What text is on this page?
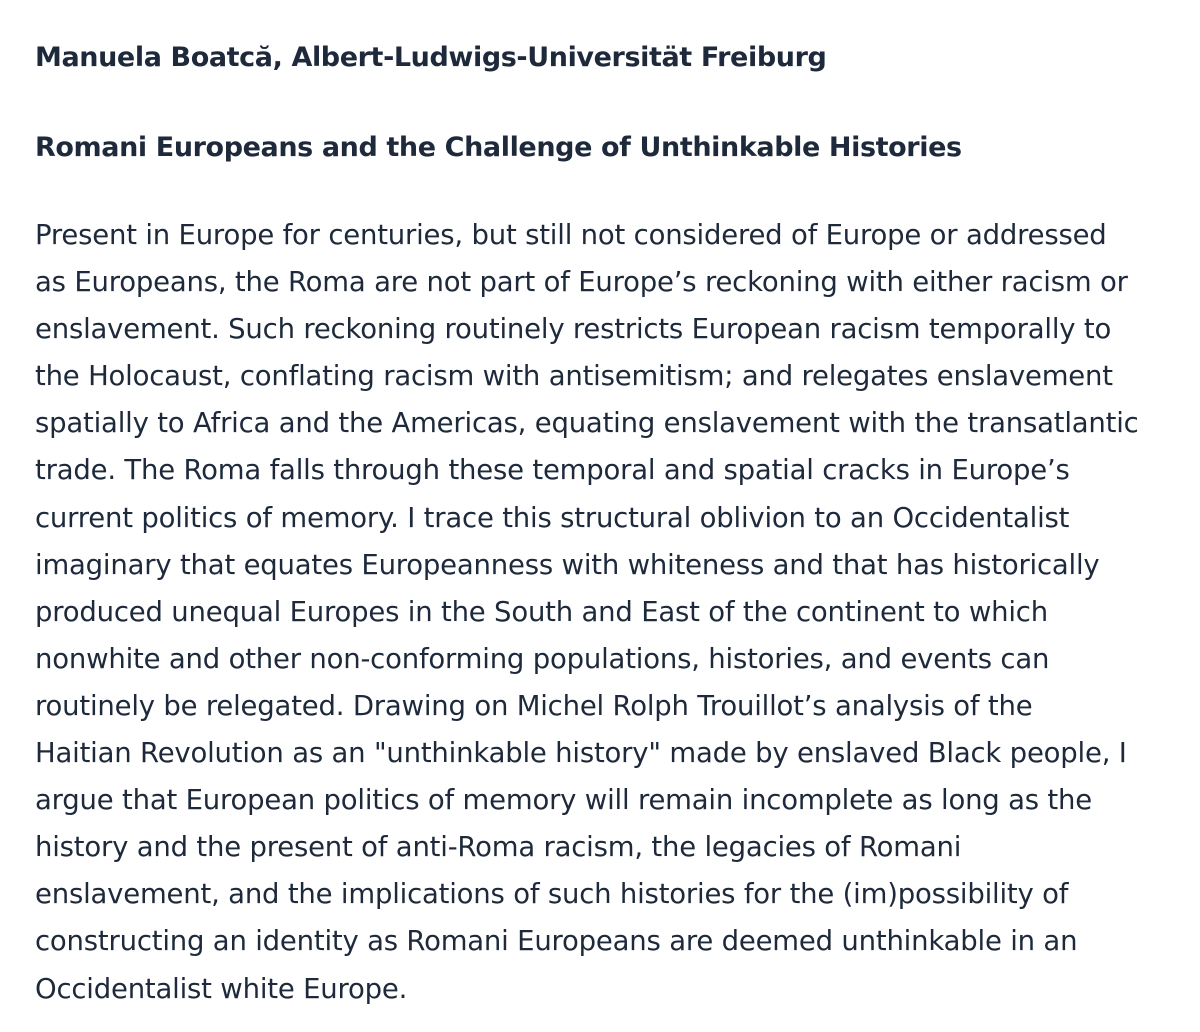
Manuela Boatcă, Albert-Ludwigs-Universität Freiburg
Romani Europeans and the Challenge of Unthinkable Histories

Present in Europe for centuries, but still not considered of Europe or addressed
as Europeans, the Roma are not part of Europe’s reckoning with either racism or
enslavement. Such reckoning routinely restricts European racism temporally to
the Holocaust, conflating racism with antisemitism; and relegates enslavement
spatially to Africa and the Americas, equating enslavement with the transatlantic
trade. The Roma falls through these temporal and spatial cracks in Europe’s
current politics of memory. I trace this structural oblivion to an Occidentalist
imaginary that equates Europeanness with whiteness and that has historically
produced unequal Europes in the South and East of the continent to which
nonwhite and other non-conforming populations, histories, and events can
routinely be relegated. Drawing on Michel Rolph Trouillot’s analysis of the
Haitian Revolution as an "unthinkable history" made by enslaved Black people, I
argue that European politics of memory will remain incomplete as long as the
history and the present of anti-Roma racism, the legacies of Romani
enslavement, and the implications of such histories for the (im)possibility of
constructing an identity as Romani Europeans are deemed unthinkable in an
Occidentalist white Europe.
